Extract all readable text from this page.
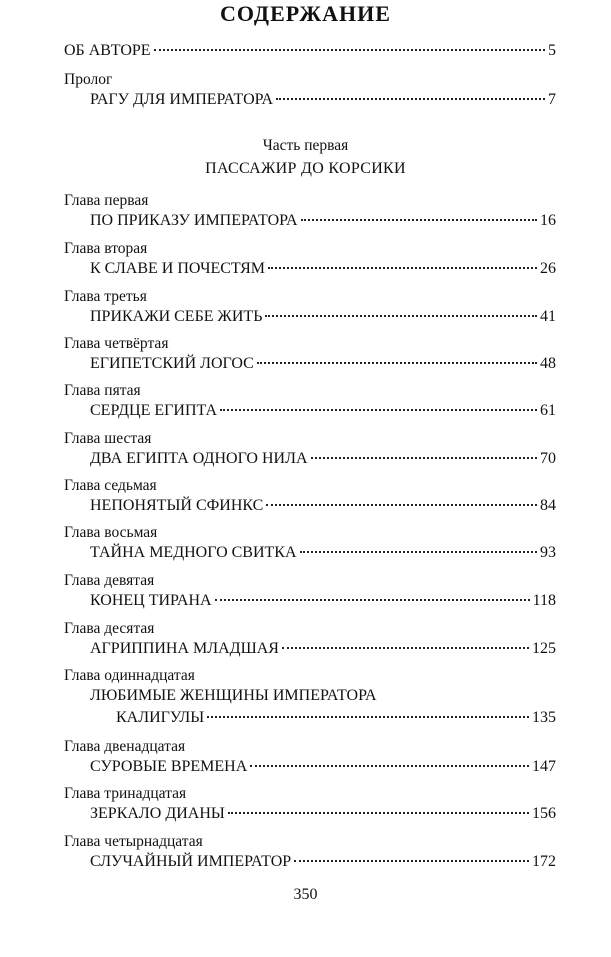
СОДЕРЖАНИЕ
ОБ АВТОРЕ	5
Пролог
РАГУ ДЛЯ ИМПЕРАТОРА	7
Часть первая
ПАССАЖИР ДО КОРСИКИ
Глава первая
ПО ПРИКАЗУ ИМПЕРАТОРА	16
Глава вторая
К СЛАВЕ И ПОЧЕСТЯМ	26
Глава третья
ПРИКАЖИ СЕБЕ ЖИТЬ	41
Глава четвёртая
ЕГИПЕТСКИЙ ЛОГОС	48
Глава пятая
СЕРДЦЕ ЕГИПТА	61
Глава шестая
ДВА ЕГИПТА ОДНОГО НИЛА	70
Глава седьмая
НЕПОНЯТЫЙ СФИНКС	84
Глава восьмая
ТАЙНА МЕДНОГО СВИТКА	93
Глава девятая
КОНЕЦ ТИРАНА	118
Глава десятая
АГРИППИНА МЛАДШАЯ	125
Глава одиннадцатая
ЛЮБИМЫЕ ЖЕНЩИНЫ ИМПЕРАТОРА
КАЛИГУЛЫ	135
Глава двенадцатая
СУРОВЫЕ ВРЕМЕНА	147
Глава тринадцатая
ЗЕРКАЛО ДИАНЫ	156
Глава четырнадцатая
СЛУЧАЙНЫЙ ИМПЕРАТОР	172
350
